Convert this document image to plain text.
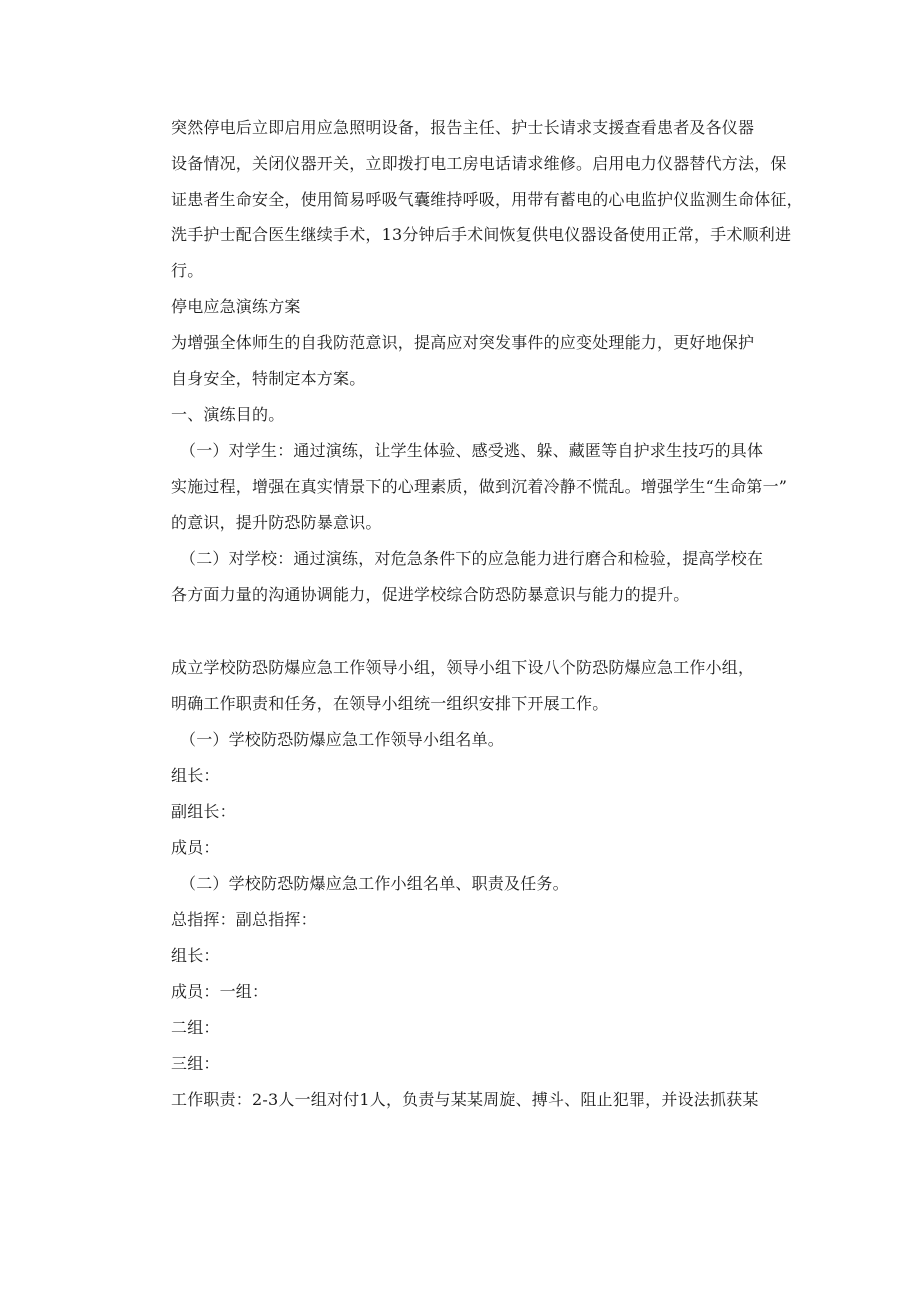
突然停电后立即启用应急照明设备，报告主任、护士长请求支援查看患者及各仪器
设备情况，关闭仪器开关，立即拨打电工房电话请求维修。启用电力仪器替代方法，保
证患者生命安全，使用简易呼吸气囊维持呼吸，用带有蓄电的心电监护仪监测生命体征，
洗手护士配合医生继续手术，13分钟后手术间恢复供电仪器设备使用正常，手术顺利进
行。
停电应急演练方案
为增强全体师生的自我防范意识，提高应对突发事件的应变处理能力，更好地保护
自身安全，特制定本方案。
一、演练目的。
（一）对学生：通过演练，让学生体验、感受逃、躲、藏匿等自护求生技巧的具体
实施过程，增强在真实情景下的心理素质，做到沉着冷静不慌乱。增强学生“生命第一”
的意识，提升防恐防暴意识。
（二）对学校：通过演练，对危急条件下的应急能力进行磨合和检验，提高学校在
各方面力量的沟通协调能力，促进学校综合防恐防暴意识与能力的提升。
成立学校防恐防爆应急工作领导小组，领导小组下设八个防恐防爆应急工作小组，
明确工作职责和任务，在领导小组统一组织安排下开展工作。
（一）学校防恐防爆应急工作领导小组名单。
组长：
副组长：
成员：
（二）学校防恐防爆应急工作小组名单、职责及任务。
总指挥：副总指挥：
组长：
成员：一组：
二组：
三组：
工作职责：2-3人一组对付1人，负责与某某周旋、搏斗、阻止犯罪，并设法抓获某
